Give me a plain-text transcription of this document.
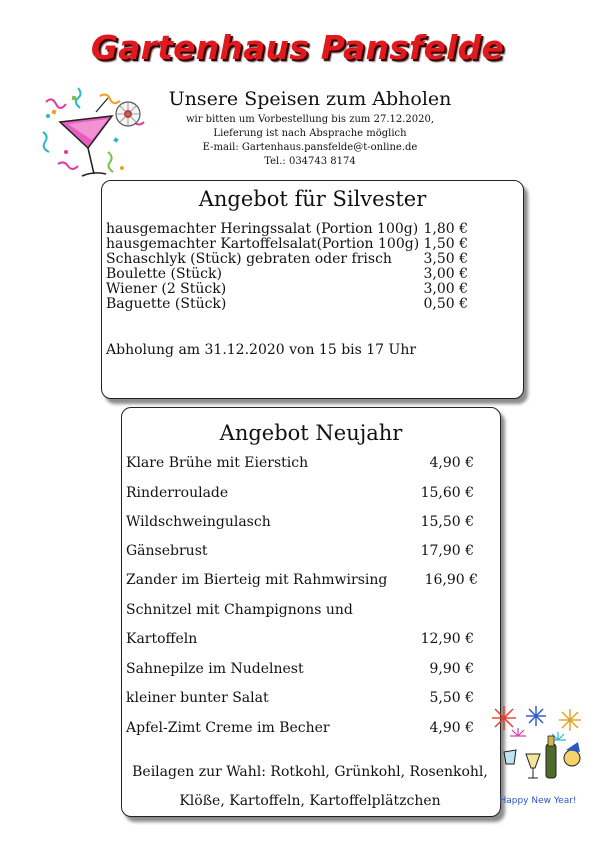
Gartenhaus Pansfelde
Unsere Speisen zum Abholen
wir bitten um Vorbestellung bis zum 27.12.2020,
Lieferung ist nach Absprache möglich
E-mail: Gartenhaus.pansfelde@t-online.de
Tel.: 034743 8174
Angebot für Silvester
hausgemachter Heringssalat (Portion 100g) 1,80 €
hausgemachter Kartoffelsalat(Portion 100g) 1,50 €
Schaschlyk (Stück) gebraten oder frisch	3,50 €
Boulette (Stück)	3,00 €
Wiener (2 Stück)	3,00 €
Baguette (Stück)	0,50 €
Abholung am 31.12.2020 von 15 bis 17 Uhr
Angebot Neujahr
Klare Brühe mit Eierstich	4,90 €
Rinderroulade	15,60 €
Wildschweingulasch	15,50 €
Gänsebrust	17,90 €
Zander im Bierteig mit Rahmwirsing	16,90 €
Schnitzel mit Champignons und
Kartoffeln	12,90 €
Sahnepilze im Nudelnest	9,90 €
kleiner bunter Salat	5,50 €
Apfel-Zimt Creme im Becher	4,90 €
Beilagen zur Wahl: Rotkohl, Grünkohl, Rosenkohl,
Klöße, Kartoffeln, Kartoffelplätzchen	Happy New Year!
